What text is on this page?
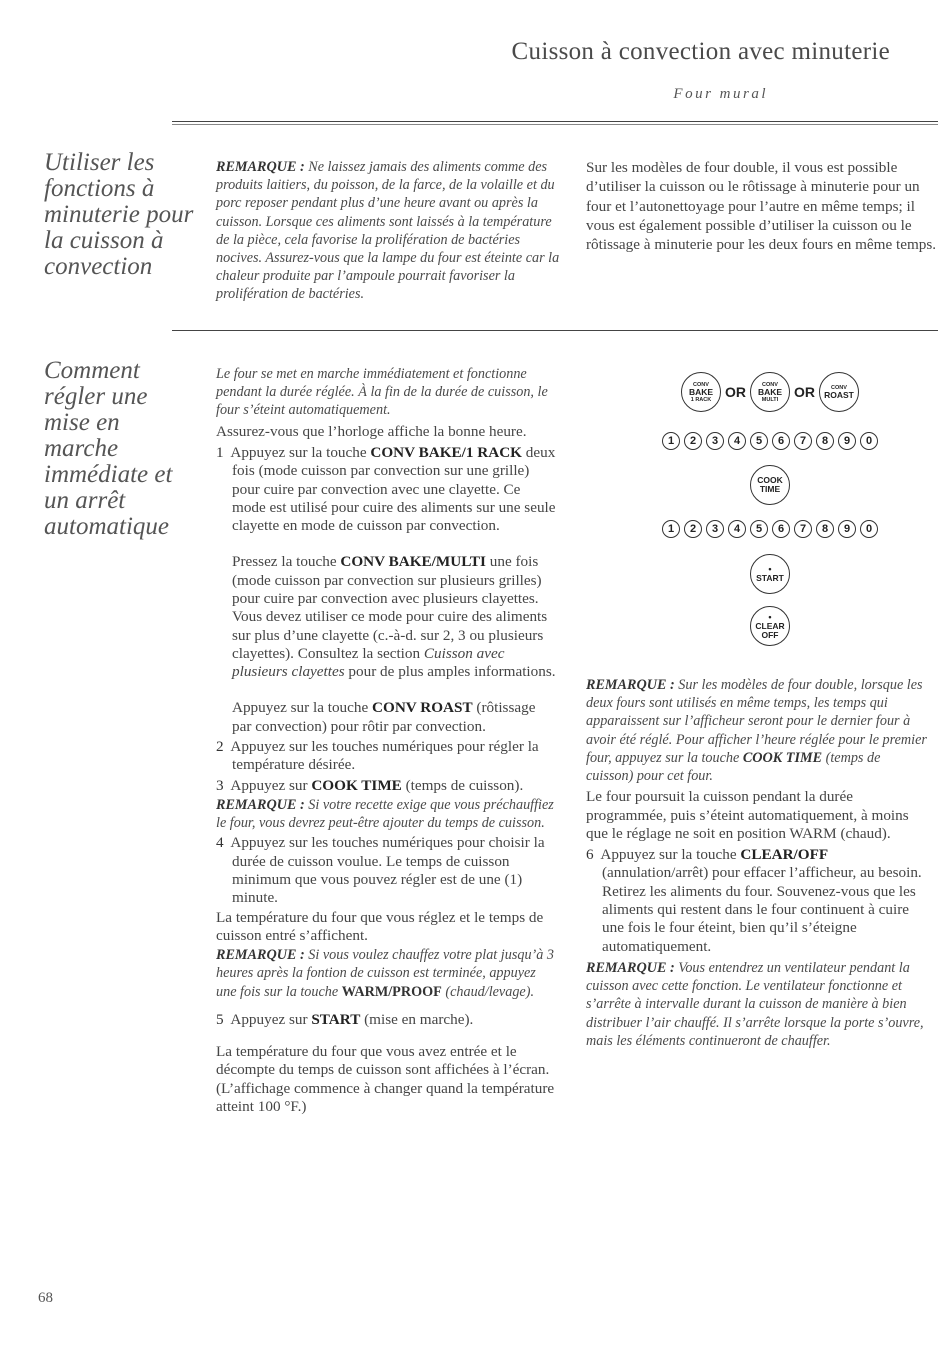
Cuisson à convection avec minuterie
Four mural
Utiliser les fonctions à minuterie pour la cuisson à convection
REMARQUE : Ne laissez jamais des aliments comme des produits laitiers, du poisson, de la farce, de la volaille et du porc reposer pendant plus d’une heure avant ou après la cuisson. Lorsque ces aliments sont laissés à la température de la pièce, cela favorise la prolifération de bactéries nocives. Assurez-vous que la lampe du four est éteinte car la chaleur produite par l’ampoule pourrait favoriser la prolifération de bactéries.
Sur les modèles de four double, il vous est possible d’utiliser la cuisson ou le rôtissage à minuterie pour un four et l’autonettoyage pour l’autre en même temps; il vous est également possible d’utiliser la cuisson ou le rôtissage à minuterie pour les deux fours en même temps.
Comment régler une mise en marche immédiate et un arrêt automatique

Le four se met en marche immédiatement et fonctionne pendant la durée réglée. À la fin de la durée de cuisson, le four s’éteint automatiquement.

Assurez-vous que l’horloge affiche la bonne heure.

1 Appuyez sur la touche CONV BAKE/1 RACK deux fois (mode cuisson par convection sur une grille) pour cuire par convection avec une clayette. Ce mode est utilisé pour cuire des aliments sur une seule clayette en mode de cuisson par convection.

Pressez la touche CONV BAKE/MULTI une fois (mode cuisson par convection sur plusieurs grilles) pour cuire par convection avec plusieurs clayettes. Vous devez utiliser ce mode pour cuire des aliments sur plus d’une clayette (c.-à-d. sur 2, 3 ou plusieurs clayettes). Consultez la section Cuisson avec plusieurs clayettes pour de plus amples informations.

Appuyez sur la touche CONV ROAST (rôtissage par convection) pour rôtir par convection.

2 Appuyez sur les touches numériques pour régler la température désirée.

3 Appuyez sur COOK TIME (temps de cuisson).

REMARQUE : Si votre recette exige que vous préchauffiez le four, vous devrez peut-être ajouter du temps de cuisson.

4 Appuyez sur les touches numériques pour choisir la durée de cuisson voulue. Le temps de cuisson minimum que vous pouvez régler est de une (1) minute.

La température du four que vous réglez et le temps de cuisson entré s’affichent.

REMARQUE : Si vous voulez chauffez votre plat jusqu’à 3 heures après la fontion de cuisson est terminée, appuyez une fois sur la touche WARM/PROOF (chaud/levage).

5 Appuyez sur START (mise en marche).

La température du four que vous avez entrée et le décompte du temps de cuisson sont affichées à l’écran. (L’affichage commence à changer quand la température atteint 100 °F.)

CONV
BAKE
1 RACK OR	CONV
BAKE
MULTI OR	CONV
ROAST
1	2	3	4	5	6	7	8	9	0
COOK
TIME
1	2	3	4	5	6	7	8	9	0
•
START
•
CLEAR
OFF

REMARQUE : Sur les modèles de four double, lorsque les deux fours sont utilisés en même temps, les temps qui apparaissent sur l’afficheur seront pour le dernier four à avoir été réglé. Pour afficher l’heure réglée pour le premier four, appuyez sur la touche COOK TIME (temps de cuisson) pour cet four.

Le four poursuit la cuisson pendant la durée programmée, puis s’éteint automatiquement, à moins que le réglage ne soit en position WARM (chaud).

6 Appuyez sur la touche CLEAR/OFF (annulation/arrêt) pour effacer l’afficheur, au besoin. Retirez les aliments du four. Souvenez-vous que les aliments qui restent dans le four continuent à cuire une fois le four éteint, bien qu’il s’éteigne automatiquement.

REMARQUE : Vous entendrez un ventilateur pendant la cuisson avec cette fonction. Le ventilateur fonctionne et s’arrête à intervalle durant la cuisson de manière à bien distribuer l’air chauffé. Il s’arrête lorsque la porte s’ouvre, mais les éléments continueront de chauffer.

68
